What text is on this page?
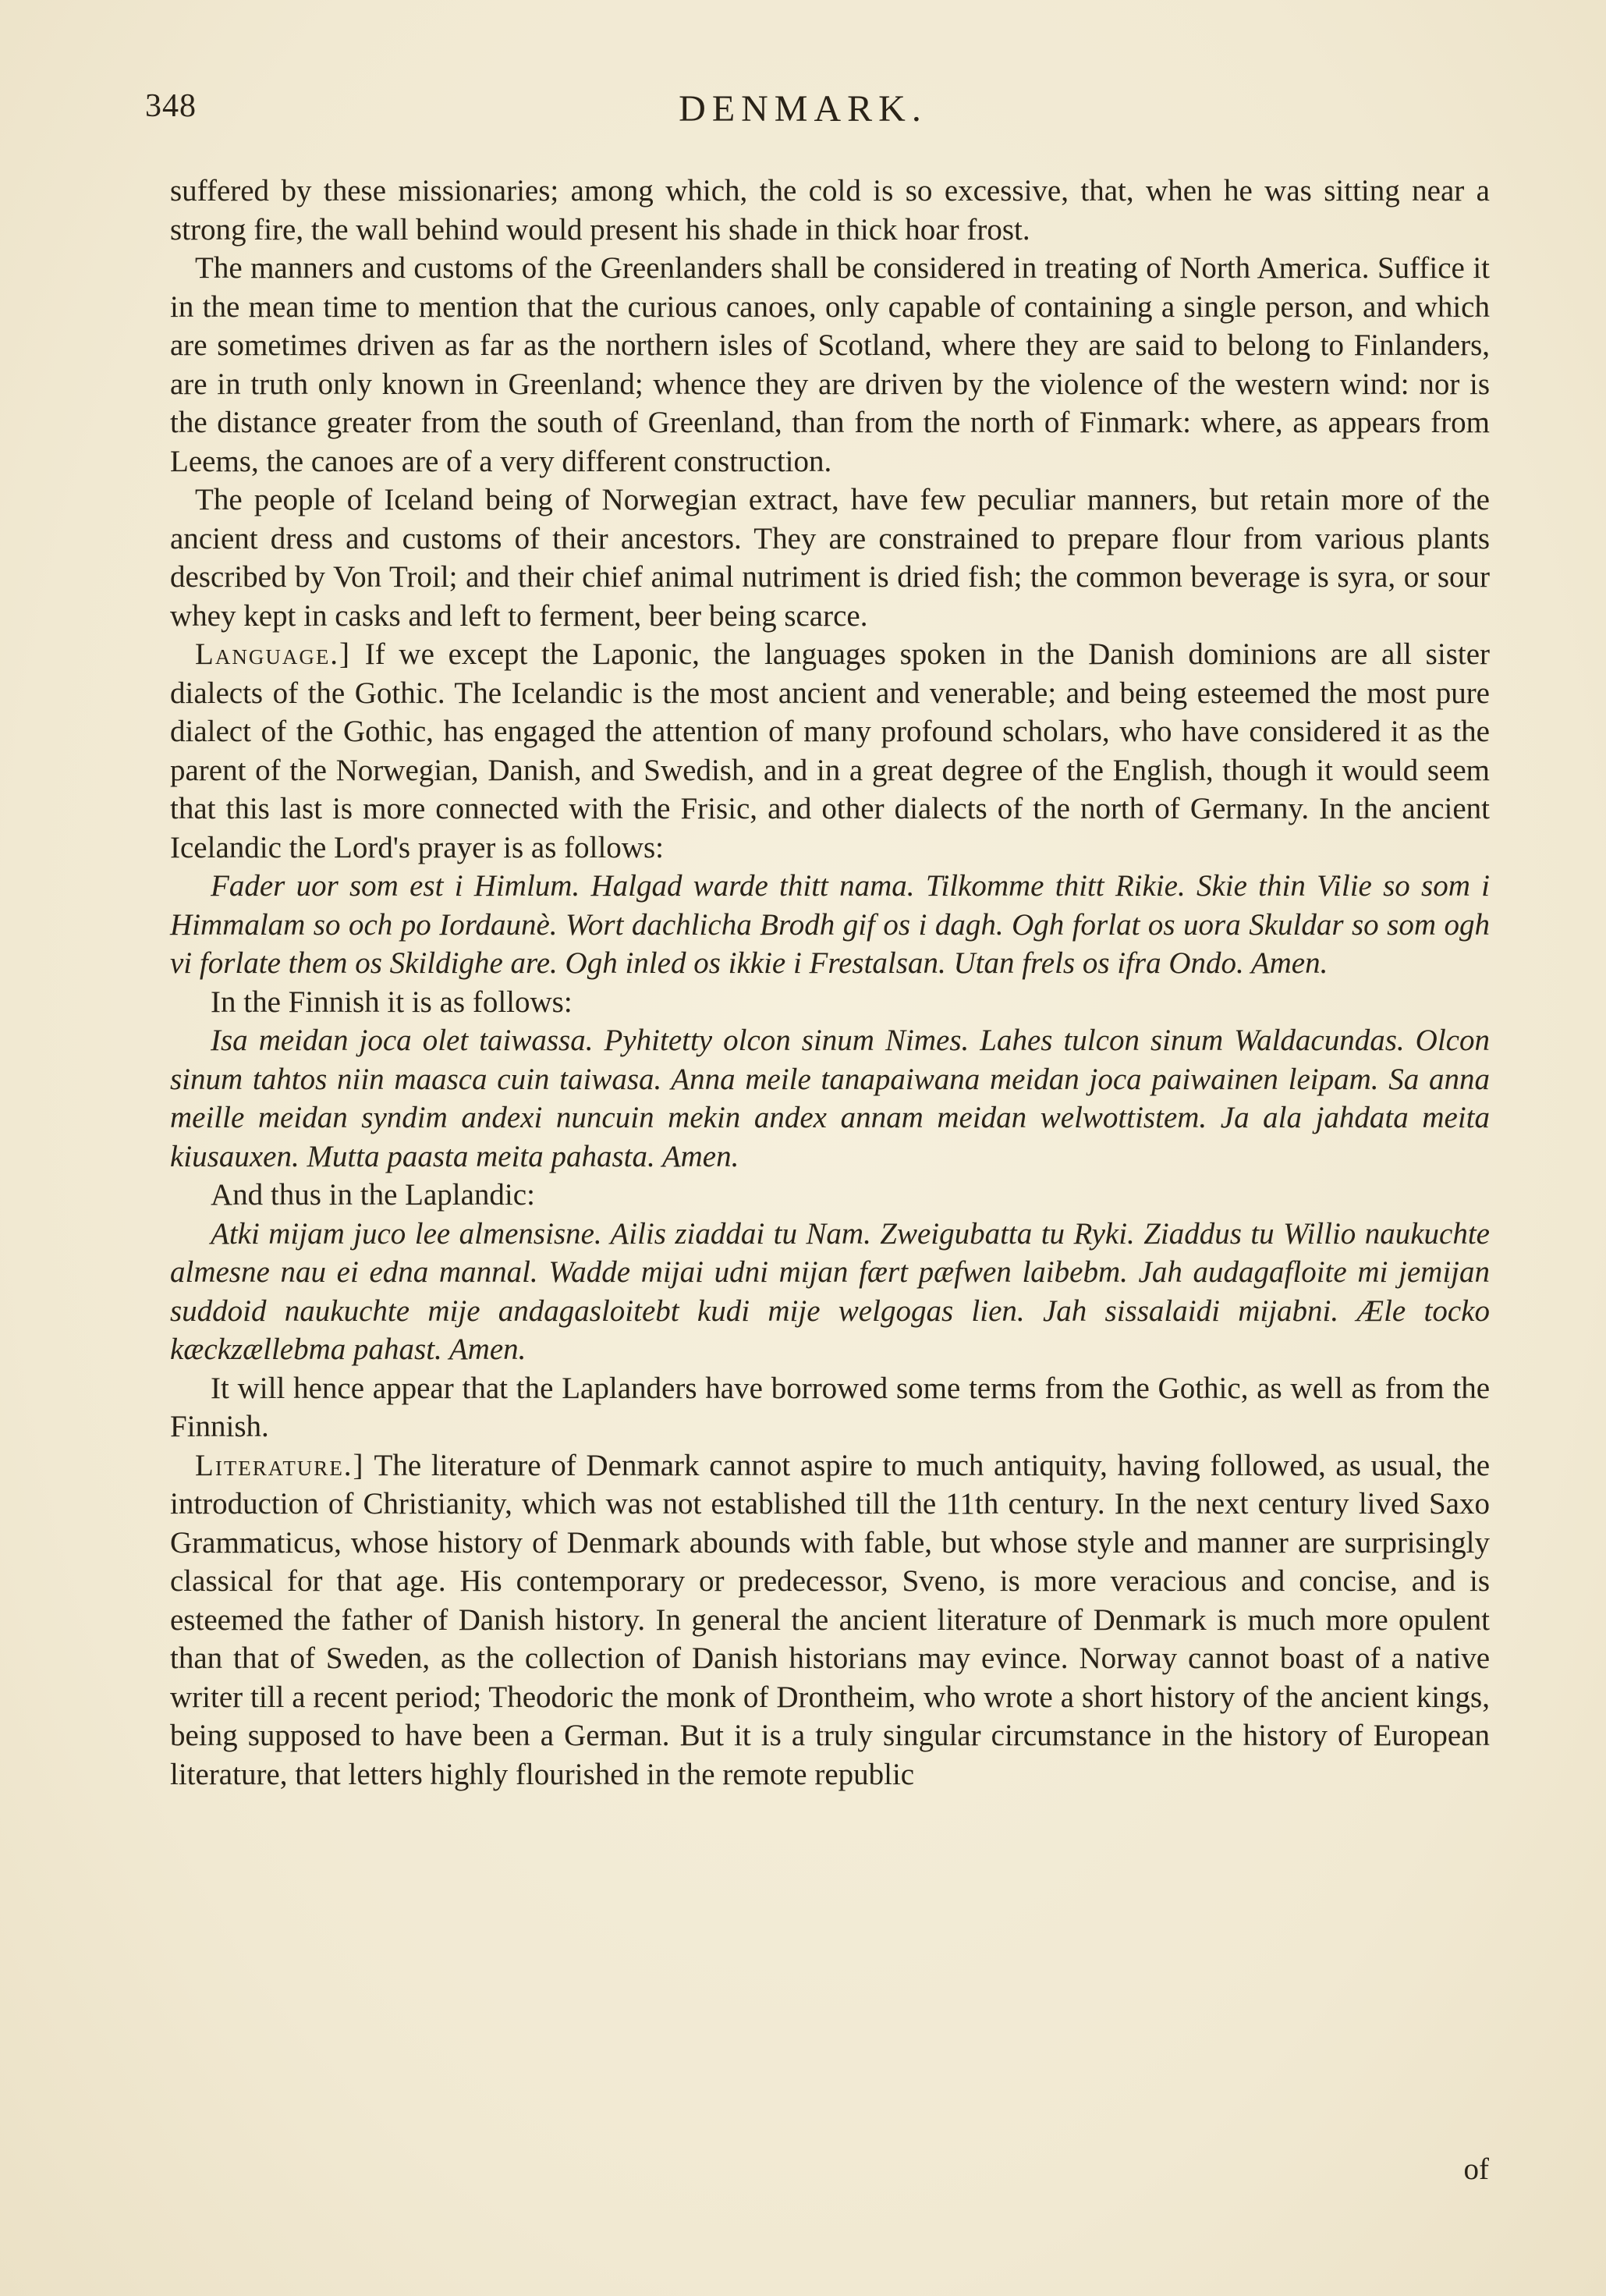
348	DENMARK.

suffered by these missionaries; among which, the cold is so excessive, that, when he was sitting near a strong fire, the wall behind would present his shade in thick hoar frost.

The manners and customs of the Greenlanders shall be considered in treating of North America. Suffice it in the mean time to mention that the curious canoes, only capable of containing a single person, and which are sometimes driven as far as the northern isles of Scotland, where they are said to belong to Finlanders, are in truth only known in Greenland; whence they are driven by the violence of the western wind: nor is the distance greater from the south of Greenland, than from the north of Finmark: where, as appears from Leems, the canoes are of a very different construction.

The people of Iceland being of Norwegian extract, have few peculiar manners, but retain more of the ancient dress and customs of their ancestors. They are constrained to prepare flour from various plants described by Von Troil; and their chief animal nutriment is dried fish; the common beverage is syra, or sour whey kept in casks and left to ferment, beer being scarce.

Language.] If we except the Laponic, the languages spoken in the Danish dominions are all sister dialects of the Gothic. The Icelandic is the most ancient and venerable; and being esteemed the most pure dialect of the Gothic, has engaged the attention of many profound scholars, who have considered it as the parent of the Norwegian, Danish, and Swedish, and in a great degree of the English, though it would seem that this last is more connected with the Frisic, and other dialects of the north of Germany. In the ancient Icelandic the Lord's prayer is as follows:

Fader uor som est i Himlum. Halgad warde thitt nama. Tilkomme thitt Rikie. Skie thin Vilie so som i Himmalam so och po Iordaunè. Wort dachlicha Brodh gif os i dagh. Ogh forlat os uora Skuldar so som ogh vi forlate them os Skildighe are. Ogh inled os ikkie i Frestalsan. Utan frels os ifra Ondo. Amen.

In the Finnish it is as follows:

Isa meidan joca olet taiwassa. Pyhitetty olcon sinum Nimes. Lahes tulcon sinum Waldacundas. Olcon sinum tahtos niin maasca cuin taiwasa. Anna meile tanapaiwana meidan joca paiwainen leipam. Sa anna meille meidan syndim andexi nuncuin mekin andex annam meidan welwottistem. Ja ala jahdata meita kiusauxen. Mutta paasta meita pahasta. Amen.

And thus in the Laplandic:

Atki mijam juco lee almensisne. Ailis ziaddai tu Nam. Zweigubatta tu Ryki. Ziaddus tu Willio naukuchte almesne nau ei edna mannal. Wadde mijai udni mijan fært pæfwen laibebm. Jah audagafloite mi jemijan suddoid naukuchte mije andagasloitebt kudi mije welgogas lien. Jah sissalaidi mijabni. Æle tocko kæckzællebma pahast. Amen.

It will hence appear that the Laplanders have borrowed some terms from the Gothic, as well as from the Finnish.

Literature.] The literature of Denmark cannot aspire to much antiquity, having followed, as usual, the introduction of Christianity, which was not established till the 11th century. In the next century lived Saxo Grammaticus, whose history of Denmark abounds with fable, but whose style and manner are surprisingly classical for that age. His contemporary or predecessor, Sveno, is more veracious and concise, and is esteemed the father of Danish history. In general the ancient literature of Denmark is much more opulent than that of Sweden, as the collection of Danish historians may evince. Norway cannot boast of a native writer till a recent period; Theodoric the monk of Drontheim, who wrote a short history of the ancient kings, being supposed to have been a German. But it is a truly singular circumstance in the history of European literature, that letters highly flourished in the remote republic

of
